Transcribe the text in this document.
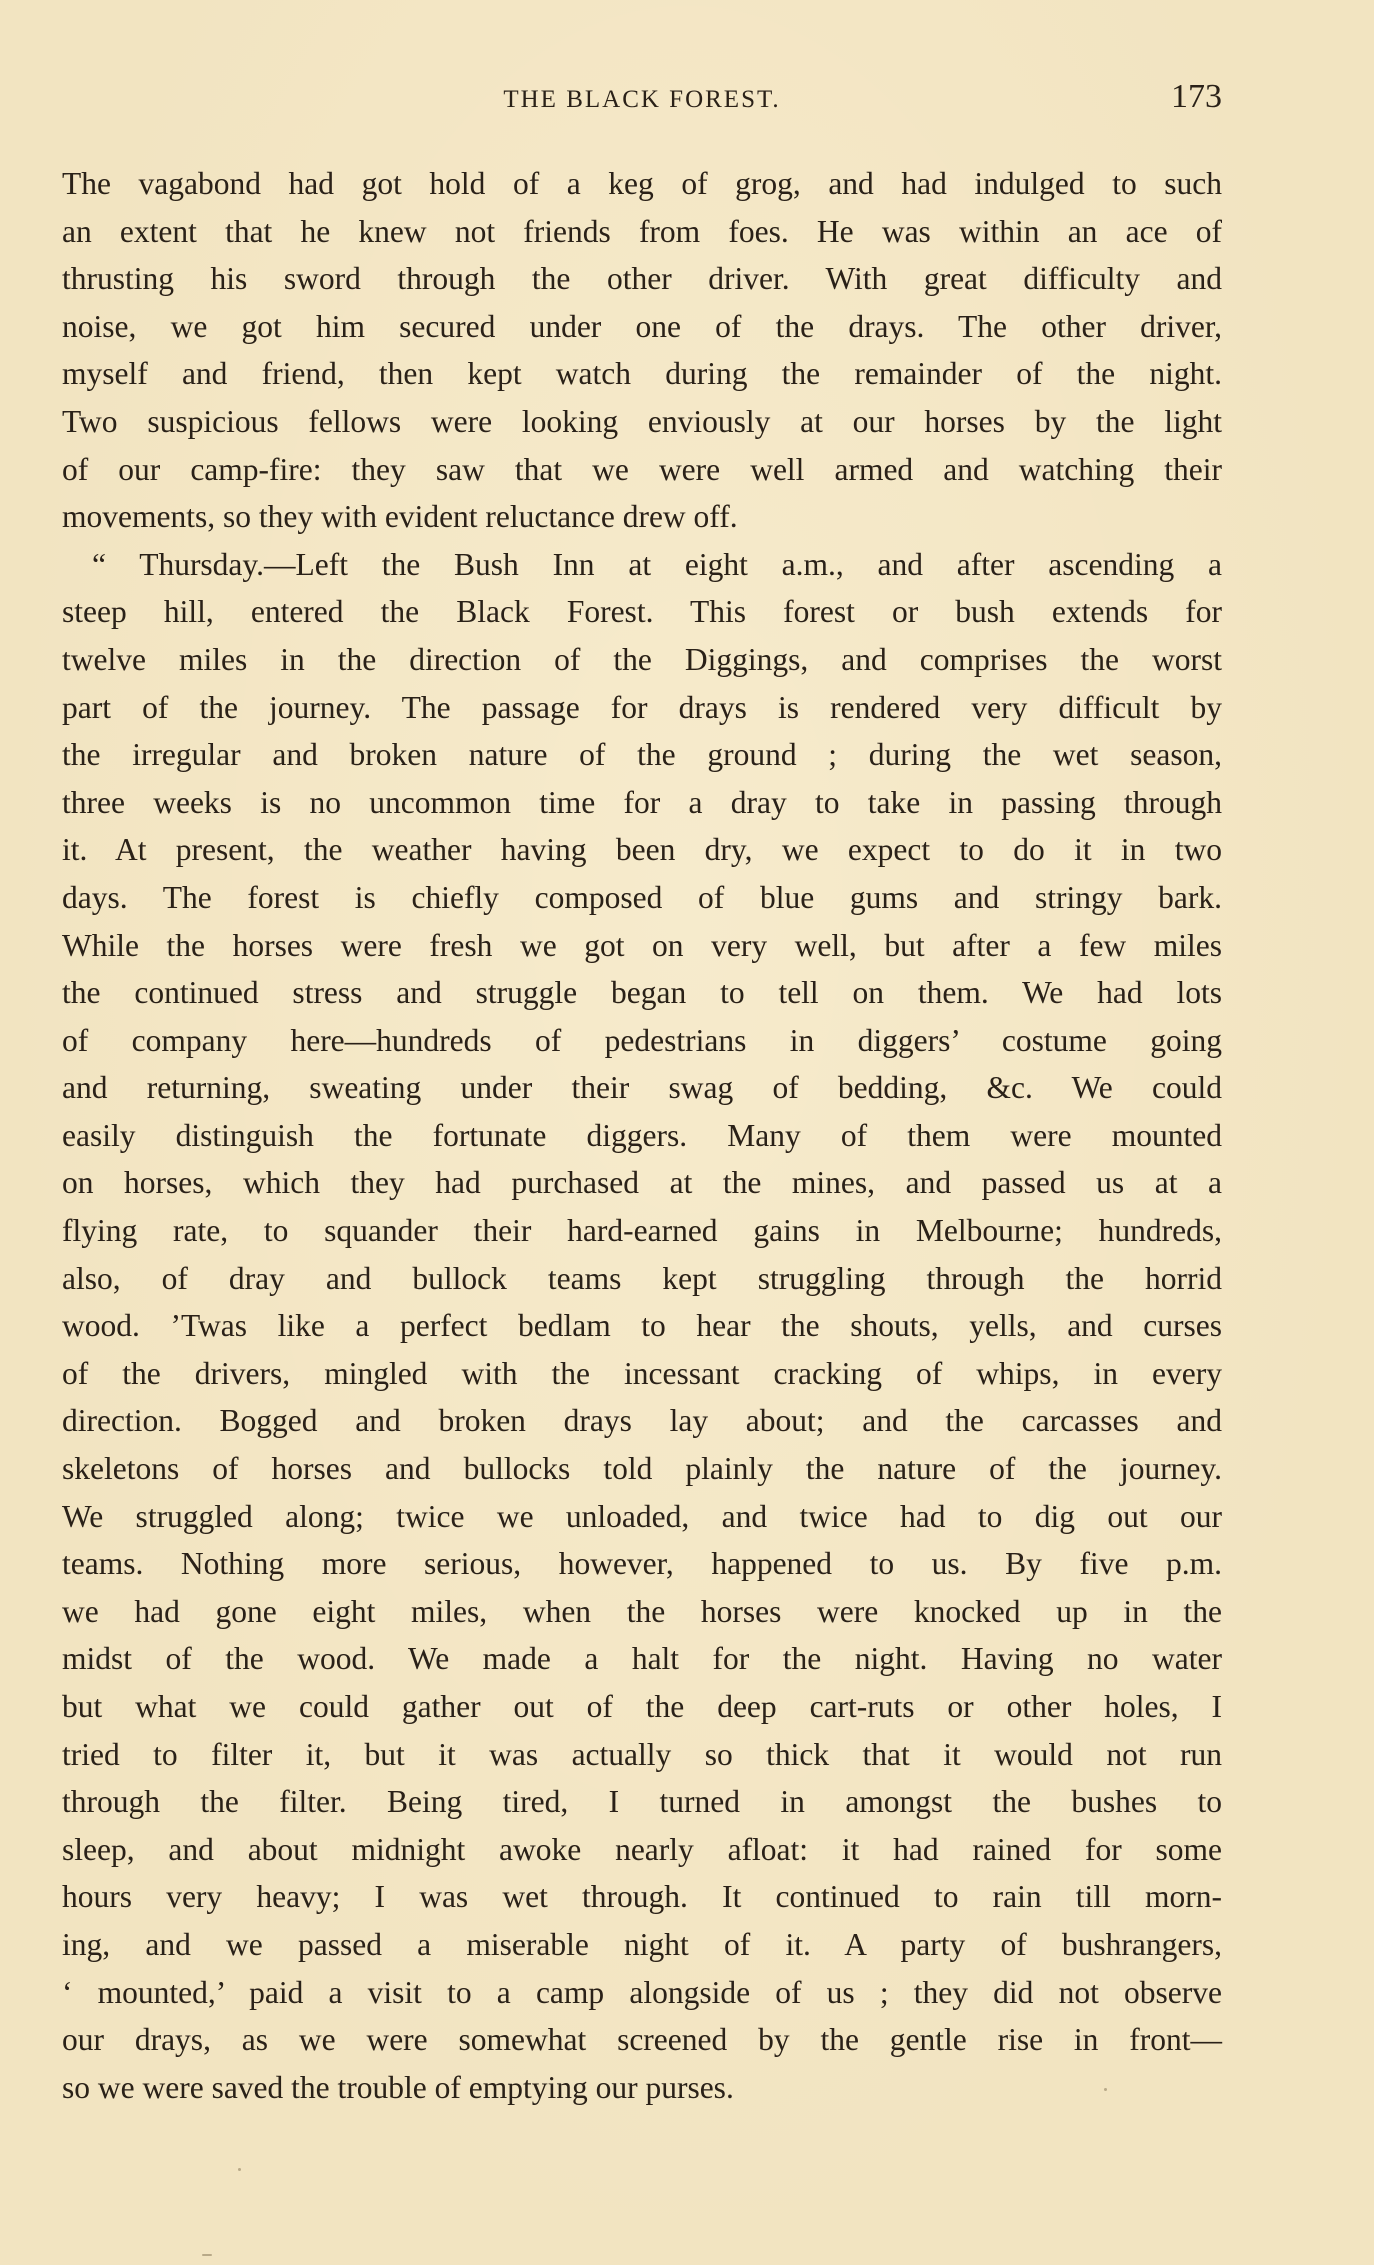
THE BLACK FOREST.	173
The vagabond had got hold of a keg of grog, and had indulged to such
an extent that he knew not friends from foes. He was within an ace of
thrusting his sword through the other driver. With great difficulty and
noise, we got him secured under one of the drays. The other driver,
myself and friend, then kept watch during the remainder of the night.
Two suspicious fellows were looking enviously at our horses by the light
of our camp-fire: they saw that we were well armed and watching their
movements, so they with evident reluctance drew off.
“ Thursday.—Left the Bush Inn at eight a.m., and after ascending a
steep hill, entered the Black Forest. This forest or bush extends for
twelve miles in the direction of the Diggings, and comprises the worst
part of the journey. The passage for drays is rendered very difficult by
the irregular and broken nature of the ground ; during the wet season,
three weeks is no uncommon time for a dray to take in passing through
it. At present, the weather having been dry, we expect to do it in two
days. The forest is chiefly composed of blue gums and stringy bark.
While the horses were fresh we got on very well, but after a few miles
the continued stress and struggle began to tell on them. We had lots
of company here—hundreds of pedestrians in diggers’ costume going
and returning, sweating under their swag of bedding, &c. We could
easily distinguish the fortunate diggers. Many of them were mounted
on horses, which they had purchased at the mines, and passed us at a
flying rate, to squander their hard-earned gains in Melbourne; hundreds,
also, of dray and bullock teams kept struggling through the horrid
wood. ’Twas like a perfect bedlam to hear the shouts, yells, and curses
of the drivers, mingled with the incessant cracking of whips, in every
direction. Bogged and broken drays lay about; and the carcasses and
skeletons of horses and bullocks told plainly the nature of the journey.
We struggled along; twice we unloaded, and twice had to dig out our
teams. Nothing more serious, however, happened to us. By five p.m.
we had gone eight miles, when the horses were knocked up in the
midst of the wood. We made a halt for the night. Having no water
but what we could gather out of the deep cart-ruts or other holes, I
tried to filter it, but it was actually so thick that it would not run
through the filter. Being tired, I turned in amongst the bushes to
sleep, and about midnight awoke nearly afloat: it had rained for some
hours very heavy; I was wet through. It continued to rain till morn-
ing, and we passed a miserable night of it. A party of bushrangers,
‘ mounted,’ paid a visit to a camp alongside of us ; they did not observe
our drays, as we were somewhat screened by the gentle rise in front—
so we were saved the trouble of emptying our purses.
